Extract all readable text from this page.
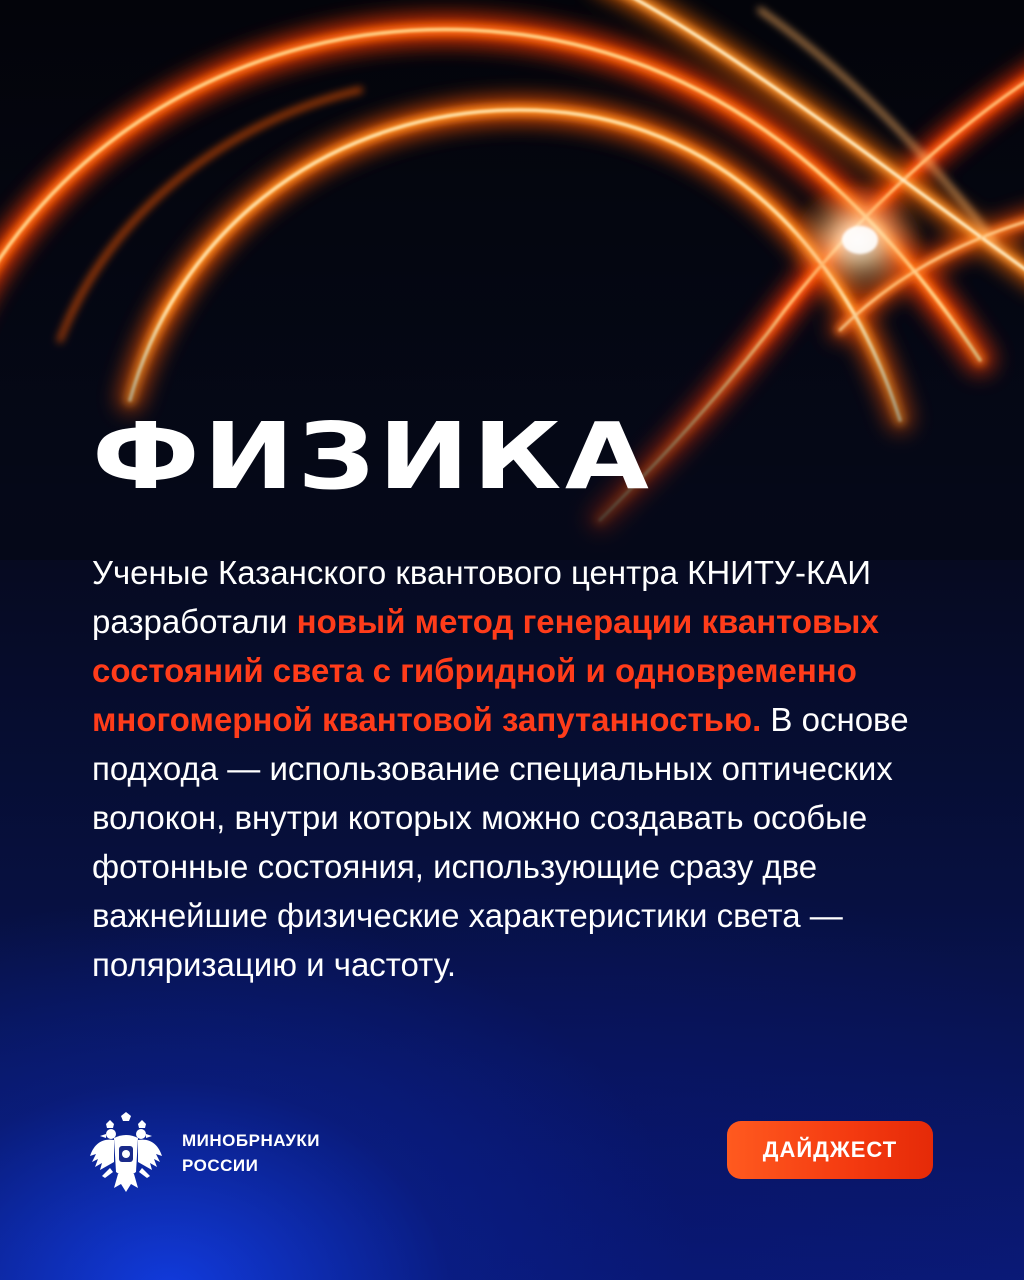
ФИЗИКА

Ученые Казанского квантового центра КНИТУ-КАИ разработали новый метод генерации квантовых состояний света с гибридной и одновременно многомерной квантовой запутанностью. В основе подхода — использование специальных оптических волокон, внутри которых можно создавать особые фотонные состояния, использующие сразу две важнейшие физические характеристики света — поляризацию и частоту.

МИНОБРНАУКИ
РОССИИ
ДАЙДЖЕСТ
